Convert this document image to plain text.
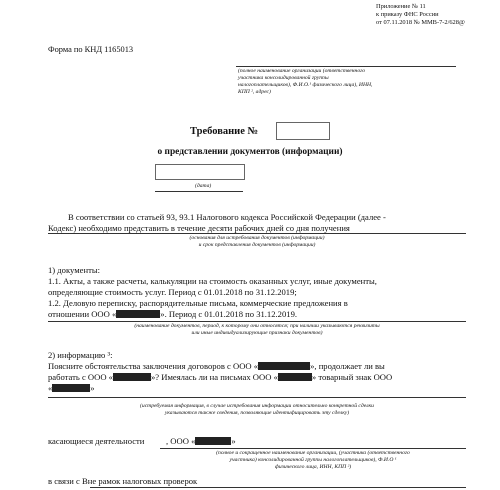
Приложение № 11
к приказу ФНС России
от 07.11.2018 № ММВ-7-2/628@
Форма по КНД 1165013
(полное наименование организации (ответственного
участника консолидированной группы
налогоплательщиков), Ф.И.О.¹ физического лица), ИНН,
КПП ², адрес)
Требование №
о представлении документов (информации)
(дата)
В соответствии со статьей 93, 93.1 Налогового кодекса Российской Федерации (далее -
Кодекс) необходимо представить в течение десяти рабочих дней со дня получения
(основания для истребования документов (информации)
и срок представления документов (информации)
1) документы:
1.1. Акты, а также расчеты, калькуляции на стоимость оказанных услуг, иные документы,
определяющие стоимость услуг. Период с 01.01.2018 по 31.12.2019;
1.2. Деловую переписку, распорядительные письма, коммерческие предложения в
отношении ООО «	». Период с 01.01.2018 по 31.12.2019.
(наименование документов, период, к которому они относятся; при наличии указываются реквизиты
или иные индивидуализирующие признаки документов)
2) информацию ³:
Поясните обстоятельства заключения договоров с ООО «	», продолжает ли вы
работать с ООО «	»? Имеялась ли на письмах ООО «	» товарный знак ООО
«	»
(истребуемая информация, в случае истребования информации относительно конкретной сделки
указываются также сведения, позволяющие идентифицировать эту сделку)
касающиеся деятельности	, ООО «	»
(полное и сокращенное наименование организации, (участника (ответственного
участника) консолидированной группы налогоплательщиков), Ф.И.О ¹
физического лица, ИНН, КПП ²)
в связи с Вне рамок налоговых проверок
